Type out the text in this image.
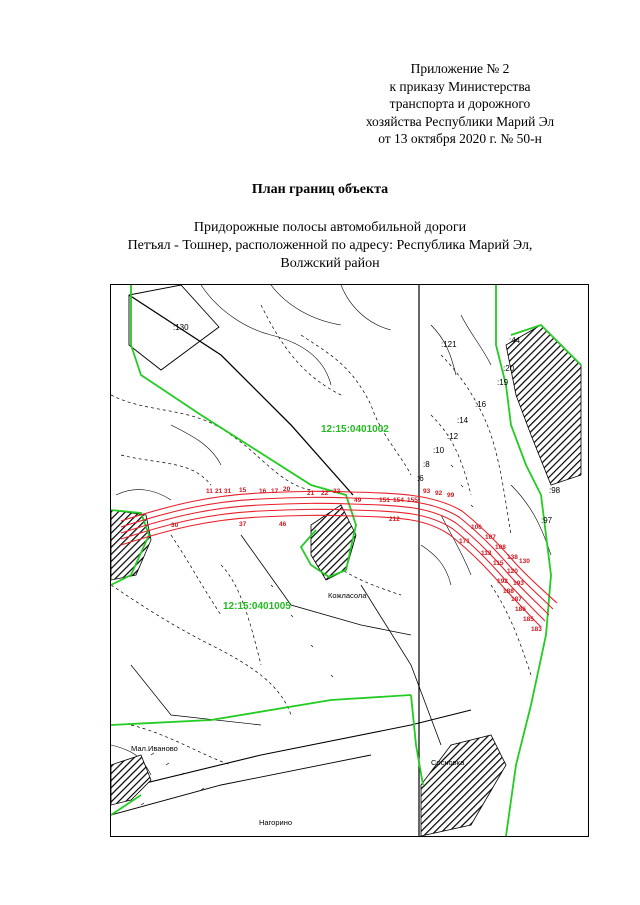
Приложение № 2
к приказу Министерства
транспорта и дорожного
хозяйства Республики Марий Эл
от 13 октября 2020 г. № 50-н
План границ объекта
Придорожные полосы автомобильной дороги
Петъял - Тошнер, расположенной по адресу: Республика Марий Эл,
Волжский район
11 21 31 15 16 17 20
21 22 23
30	37	46
49	151 154 155
93 92 99
106
107
108
113
115
120
130
138
171
183
185
186
187
188
192 193
212
:130
:121	:44
:20
:19
:16
:14
:12
:10
:8
:6
:98
:97
12:15:0401002
12:15:0401005
Кожласола
Мал.Иваново
Нагорино
Сосновка
